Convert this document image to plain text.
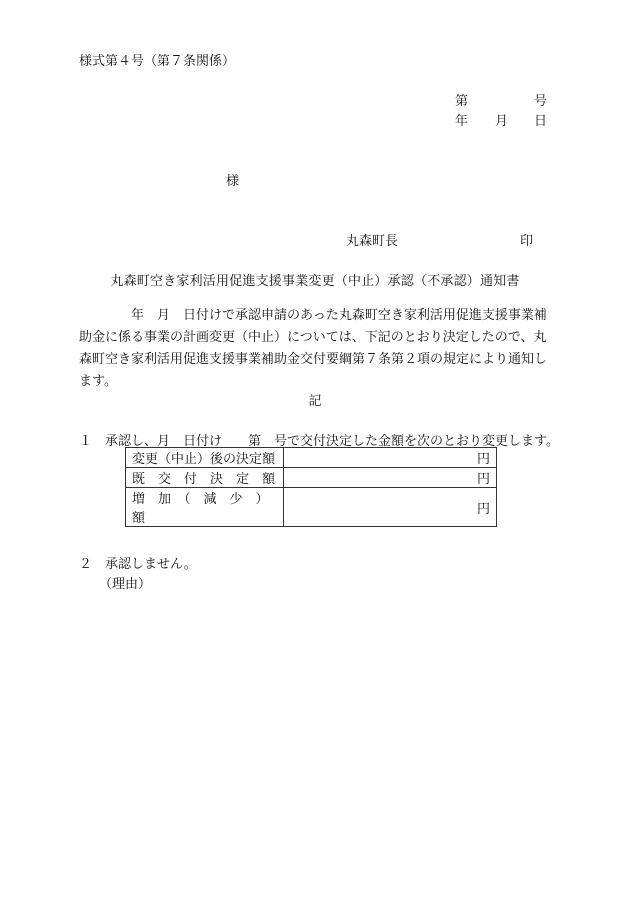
様式第４号（第７条関係）
第	号
年 月 日
様
丸森町長	印
丸森町空き家利活用促進支援事業変更（中止）承認（不承認）通知書
　　　　年　月　日付けで承認申請のあった丸森町空き家利活用促進支援事業補助金に係る事業の計画変更（中止）については、下記のとおり決定したので、丸森町空き家利活用促進支援事業補助金交付要綱第７条第２項の規定により通知します。
記
１　承認し、月　日付け　　第　号で交付決定した金額を次のとおり変更します。
変更（中止）後の決定額	円
既　交　付　決　定　額	円
増　加　（　減　少　）　額	円
２　承認しません。
（理由）
